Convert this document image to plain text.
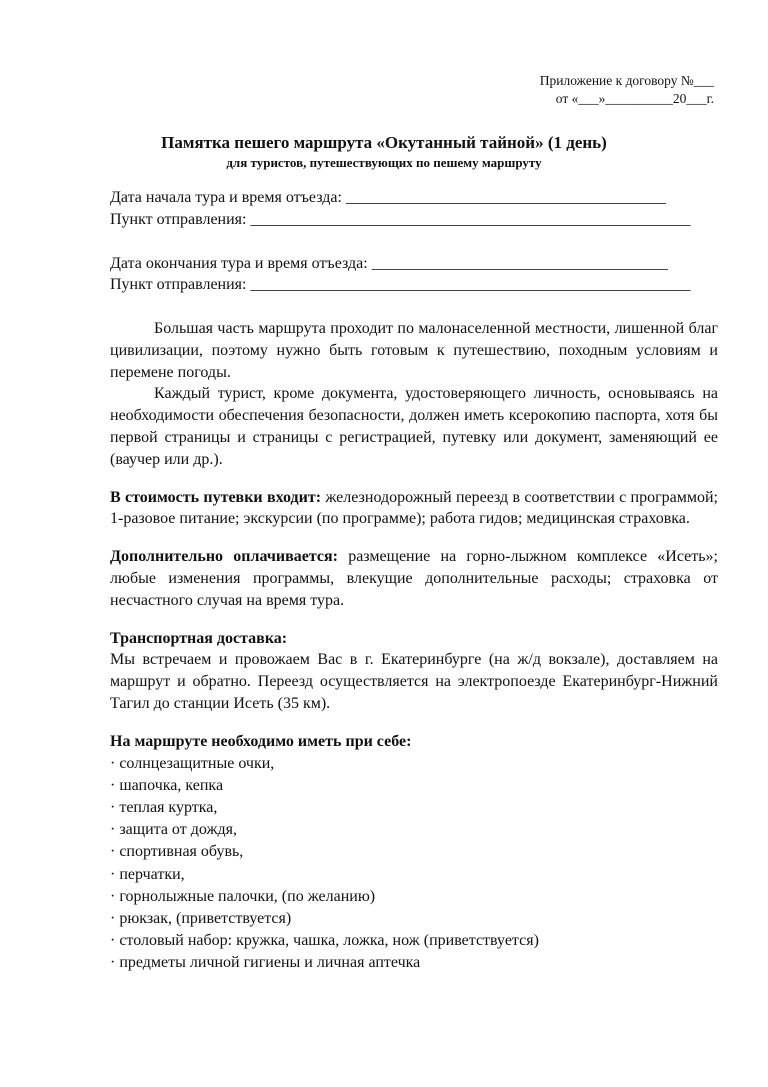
Приложение к договору №___
от «___»__________20___г.
Памятка пешего маршрута «Окутанный тайной» (1 день)
для туристов, путешествующих по пешему маршруту
Дата начала тура и время отъезда: ________________________________________
Пункт отправления: _______________________________________________________
Дата окончания тура и время отъезда: _____________________________________
Пункт отправления: _______________________________________________________

Большая часть маршрута проходит по малонаселенной местности, лишенной благ цивилизации, поэтому нужно быть готовым к путешествию, походным условиям и перемене погоды.

Каждый турист, кроме документа, удостоверяющего личность, основываясь на необходимости обеспечения безопасности, должен иметь ксерокопию паспорта, хотя бы первой страницы и страницы с регистрацией, путевку или документ, заменяющий ее (ваучер или др.).

В стоимость путевки входит: железнодорожный переезд в соответствии с программой; 1-разовое питание; экскурсии (по программе); работа гидов; медицинская страховка.

Дополнительно оплачивается: размещение на горно-лыжном комплексе «Исеть»; любые изменения программы, влекущие дополнительные расходы; страховка от несчастного случая на время тура.

Транспортная доставка:

Мы встречаем и провожаем Вас в г. Екатеринбурге (на ж/д вокзале), доставляем на маршрут и обратно. Переезд осуществляется на электропоезде Екатеринбург-Нижний Тагил до станции Исеть (35 км).

На маршруте необходимо иметь при себе:
· солнцезащитные очки,
· шапочка, кепка
· теплая куртка,
· защита от дождя,
· спортивная обувь,
· перчатки,
· горнолыжные палочки, (по желанию)
· рюкзак, (приветствуется)
· столовый набор: кружка, чашка, ложка, нож (приветствуется)
· предметы личной гигиены и личная аптечка
